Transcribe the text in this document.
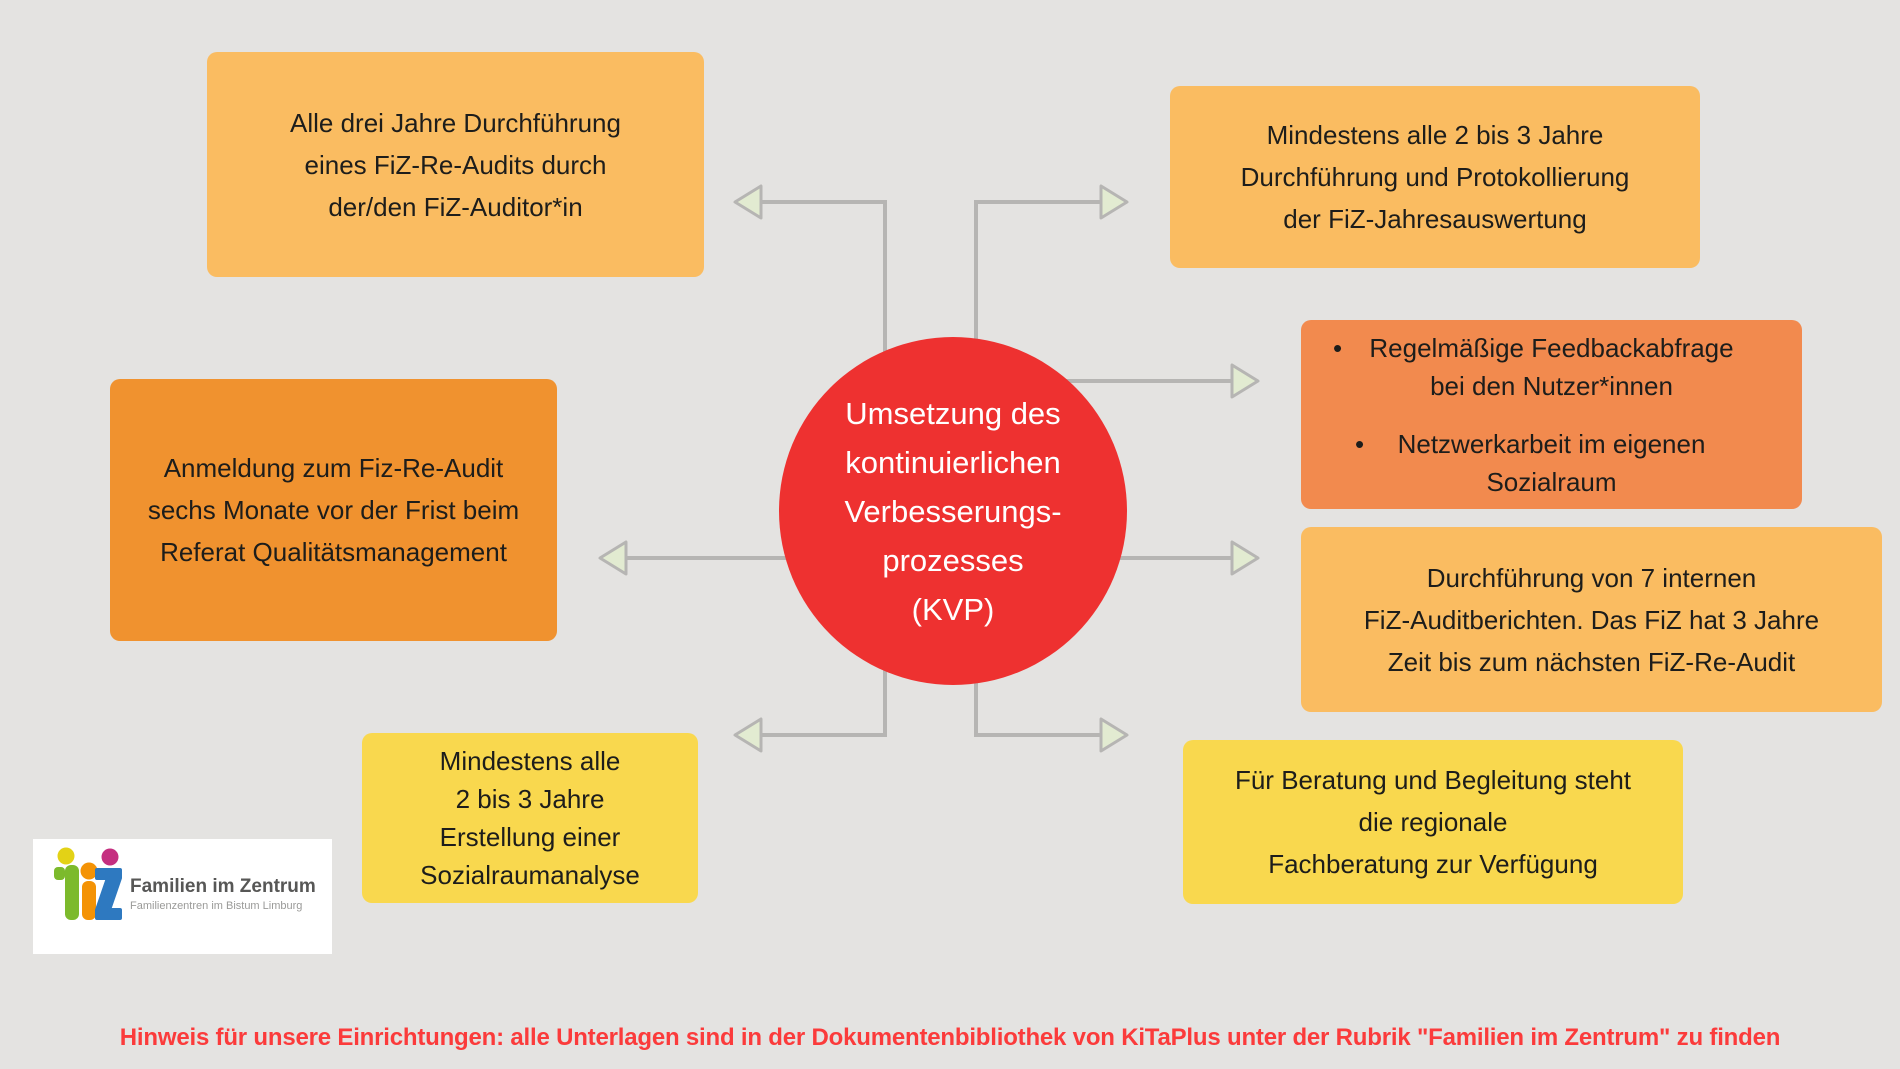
Umsetzung des
kontinuierlichen
Verbesserungs-
prozesses
(KVP)
Alle drei Jahre Durchführung
eines FiZ-Re-Audits durch
der/den FiZ-Auditor*in
Mindestens alle 2 bis 3 Jahre
Durchführung und Protokollierung
der FiZ-Jahresauswertung
Anmeldung zum Fiz-Re-Audit
sechs Monate vor der Frist beim
Referat Qualitätsmanagement
•	Regelmäßige Feedbackabfrage
bei den Nutzer*innen
•	Netzwerkarbeit im eigenen
Sozialraum
Durchführung von 7 internen
FiZ-Auditberichten. Das FiZ hat 3 Jahre
Zeit bis zum nächsten FiZ-Re-Audit
Mindestens alle
2 bis 3 Jahre
Erstellung einer
Sozialraumanalyse
Für Beratung und Begleitung steht
die regionale
Fachberatung zur Verfügung
Familien im Zentrum
Familienzentren im Bistum Limburg
Hinweis für unsere Einrichtungen: alle Unterlagen sind in der Dokumentenbibliothek von KiTaPlus unter der Rubrik "Familien im Zentrum" zu finden
